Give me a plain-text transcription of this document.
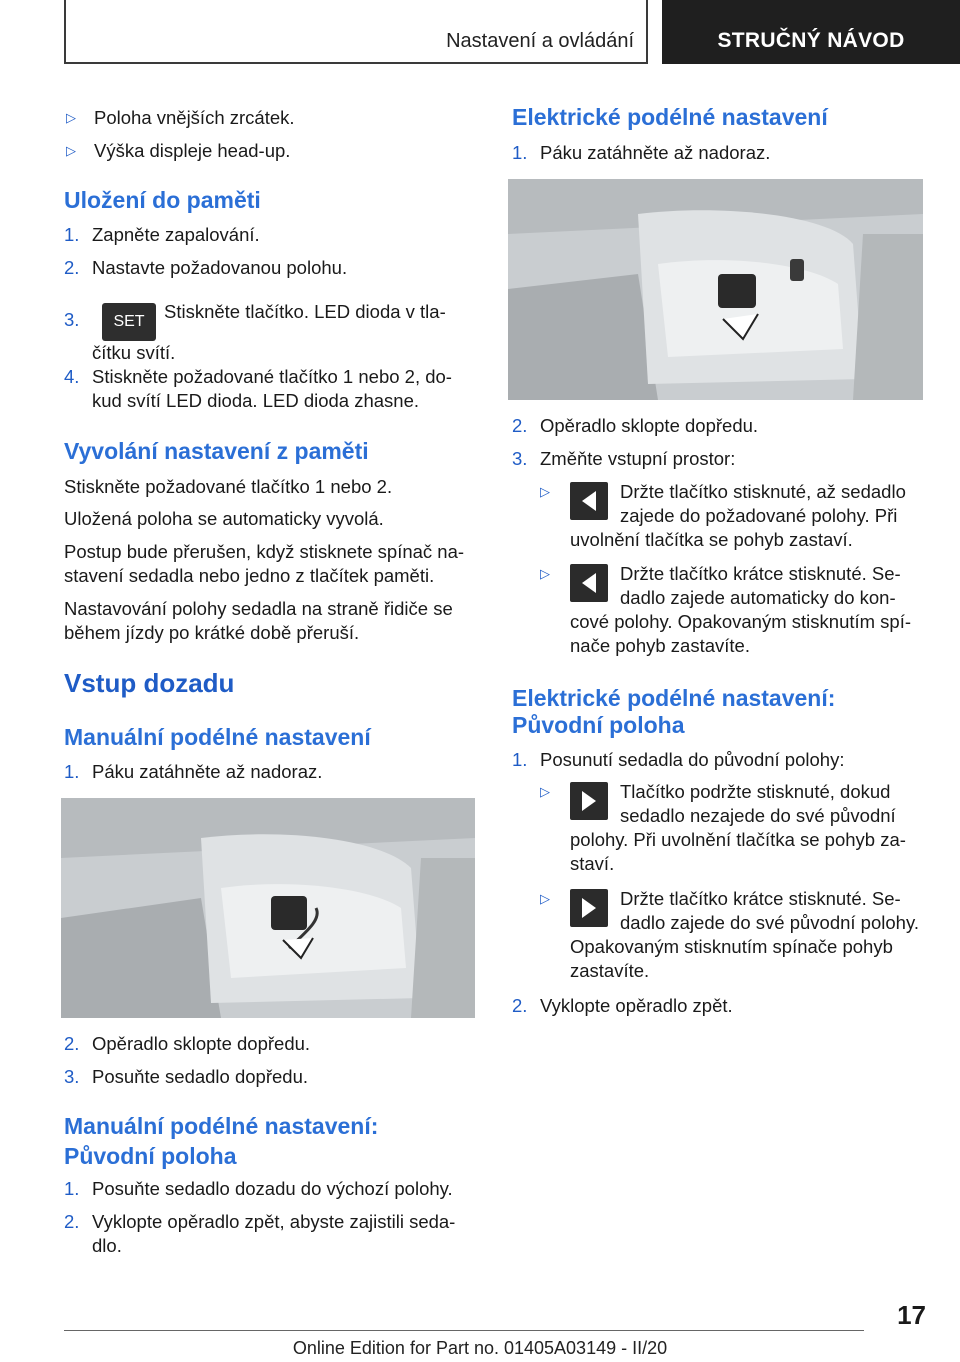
Nastavení a ovládání	STRUČNÝ NÁVOD
▷ Poloha vnějších zrcátek.
▷ Výška displeje head-up.
Uložení do paměti
1. Zapněte zapalování.
2. Nastavte požadovanou polohu.
3.	SET Stiskněte tlačítko. LED dioda v tla-
čítku svítí.
4. Stiskněte požadované tlačítko 1 nebo 2, do-kud svítí LED dioda. LED dioda zhasne.
Vyvolání nastavení z paměti

Stiskněte požadované tlačítko 1 nebo 2.

Uložená poloha se automaticky vyvolá.

Postup bude přerušen, když stisknete spínač na-stavení sedadla nebo jedno z tlačítek paměti.

Nastavování polohy sedadla na straně řidiče se během jízdy po krátké době přeruší.

Vstup dozadu
Manuální podélné nastavení
1. Páku zatáhněte až nadoraz.
2. Opěradlo sklopte dopředu.
3. Posuňte sedadlo dopředu.
Manuální podélné nastavení: Původní poloha
1. Posuňte sedadlo dozadu do výchozí polohy.
2. Vyklopte opěradlo zpět, abyste zajistili seda-dlo.
Elektrické podélné nastavení
1. Páku zatáhněte až nadoraz.
2. Opěradlo sklopte dopředu.
3. Změňte vstupní prostor:
▷	Držte tlačítko stisknuté, až sedadlo
zajede do požadované polohy. Při
uvolnění tlačítka se pohyb zastaví.
▷	Držte tlačítko krátce stisknuté. Se-
dadlo zajede automaticky do kon-
cové polohy. Opakovaným stisknutím spí-
nače pohyb zastavíte.
Elektrické podélné nastavení:
Původní poloha
1. Posunutí sedadla do původní polohy:
▷	Tlačítko podržte stisknuté, dokud
sedadlo nezajede do své původní
polohy. Při uvolnění tlačítka se pohyb za-
staví.
▷	Držte tlačítko krátce stisknuté. Se-
dadlo zajede do své původní polohy.
Opakovaným stisknutím spínače pohyb
zastavíte.
2. Vyklopte opěradlo zpět.
17
Online Edition for Part no. 01405A03149 - II/20
